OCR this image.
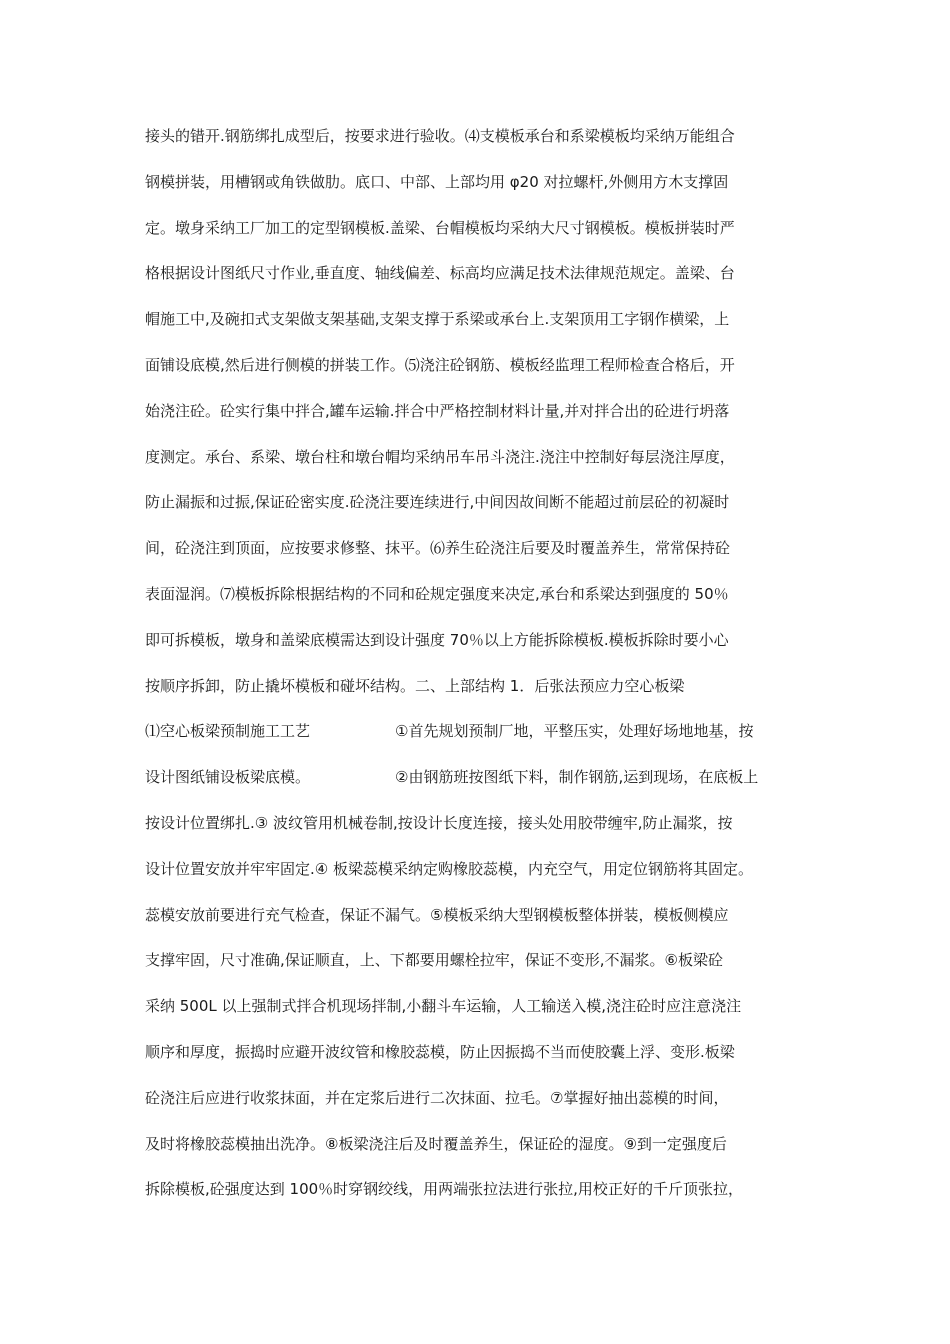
接头的错开.钢筋绑扎成型后，按要求进行验收。⑷支模板承台和系梁模板均采纳万能组合
钢模拼装，用槽钢或角铁做肋。底口、中部、上部均用 φ20 对拉螺杆,外侧用方木支撑固
定。墩身采纳工厂加工的定型钢模板.盖梁、台帽模板均采纳大尺寸钢模板。模板拼装时严
格根据设计图纸尺寸作业,垂直度、轴线偏差、标高均应满足技术法律规范规定。盖梁、台
帽施工中,及碗扣式支架做支架基础,支架支撑于系梁或承台上.支架顶用工字钢作横梁，上
面铺设底模,然后进行侧模的拼装工作。⑸浇注砼钢筋、模板经监理工程师检查合格后，开
始浇注砼。砼实行集中拌合,罐车运输.拌合中严格控制材料计量,并对拌合出的砼进行坍落
度测定。承台、系梁、墩台柱和墩台帽均采纳吊车吊斗浇注.浇注中控制好每层浇注厚度，
防止漏振和过振,保证砼密实度.砼浇注要连续进行,中间因故间断不能超过前层砼的初凝时
间，砼浇注到顶面，应按要求修整、抹平。⑹养生砼浇注后要及时覆盖养生，常常保持砼
表面湿润。⑺模板拆除根据结构的不同和砼规定强度来决定,承台和系梁达到强度的 50％
即可拆模板，墩身和盖梁底模需达到设计强度 70％以上方能拆除模板.模板拆除时要小心
按顺序拆卸，防止撬坏模板和碰坏结构。二、上部结构 1．后张法预应力空心板梁
⑴空心板梁预制施工工艺	①首先规划预制厂地，平整压实，处理好场地地基，按
设计图纸铺设板梁底模。	②由钢筋班按图纸下料，制作钢筋,运到现场，在底板上
按设计位置绑扎.③ 波纹管用机械卷制,按设计长度连接，接头处用胶带缠牢,防止漏浆，按
设计位置安放并牢牢固定.④ 板梁蕊模采纳定购橡胶蕊模，内充空气，用定位钢筋将其固定。
蕊模安放前要进行充气检查，保证不漏气。⑤模板采纳大型钢模板整体拼装，模板侧模应
支撑牢固，尺寸准确,保证顺直，上、下都要用螺栓拉牢，保证不变形,不漏浆。⑥板梁砼
采纳 500L 以上强制式拌合机现场拌制,小翻斗车运输，人工输送入模,浇注砼时应注意浇注
顺序和厚度，振捣时应避开波纹管和橡胶蕊模，防止因振捣不当而使胶囊上浮、变形.板梁
砼浇注后应进行收浆抹面，并在定浆后进行二次抹面、拉毛。⑦掌握好抽出蕊模的时间，
及时将橡胶蕊模抽出洗净。⑧板梁浇注后及时覆盖养生，保证砼的湿度。⑨到一定强度后
拆除模板,砼强度达到 100％时穿钢绞线，用两端张拉法进行张拉,用校正好的千斤顶张拉，
